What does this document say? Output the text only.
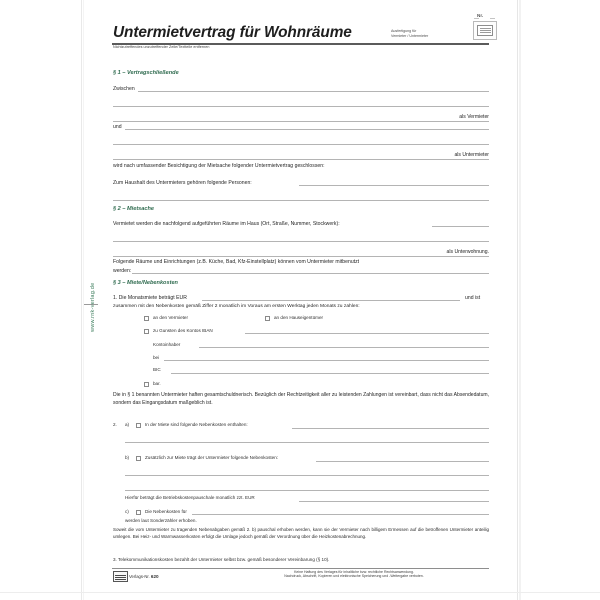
Untermietvertrag für Wohnräume
Nichtzutreffendes unzutreffender Zeile/Textteile entfernen
Ausfertigung für
Vermieter / Untermieter
Nr.
§ 1 – Vertragschließende
Zwischen
als Vermieter
und
als Untermieter
wird nach umfassender Besichtigung der Mietsache folgender Untermietvertrag geschlossen:
Zum Haushalt des Untermieters gehören folgende Personen:
§ 2 – Mietsache
Vermietet werden die nachfolgend aufgeführten Räume im Haus (Ort, Straße, Nummer, Stockwerk):
als Unterwohnung.
Folgende Räume und Einrichtungen (z.B. Küche, Bad, Kfz-Einstellplatz) können vom Untermieter mitbenutzt
werden:
§ 3 – Miete/Nebenkosten
1. Die Monatsmiete beträgt EUR	und ist
zusammen mit den Nebenkosten gemäß Ziffer 2 monatlich im Voraus am ersten Werktag jeden Monats zu zahlen:
an den Vermieter	an den Hauseigentümer
zu Gunsten des Kontos IBAN
Kontoinhaber
bei
BIC
bar.
Die in § 1 benannten Untermieter haften gesamtschuldnerisch. Bezüglich der Rechtzeitigkeit aller zu leistenden Zahlungen ist vereinbart, dass nicht das Absendedatum, sondern das Eingangsdatum maßgeblich ist.
2. a)	In der Miete sind folgende Nebenkosten enthalten:
b)	Zusätzlich zur Miete trägt der Untermieter folgende Nebenkosten:
Hierfür beträgt die Betriebskostenpauschale monatlich zzt. EUR
c)	Die Nebenkosten für
werden laut Sonderzähler erhoben.
Soweit die vom Untermieter zu tragenden Nebenabgaben gemäß 2. b) pauschal erhoben werden, kann sie der Vermieter nach billigem Ermessen auf die betroffenen Untermieter anteilig umlegen. Bei Heiz- und Warmwasserkosten erfolgt die Umlage jedoch gemäß der Verordnung über die Heizkostenabrechnung.
3. Telekommunikationskosten bezahlt der Untermieter selbst bzw. gemäß besonderer Vereinbarung (§ 10).
Verlags-Nr. 620
Keine Haftung des Verlages für inhaltliche bzw. rechtliche Rechtsanwendung.
Nachdruck, Abschrift, Kopieren und elektronische Speicherung und -Weitergabe verboten.
www.rnk-verlag.de
